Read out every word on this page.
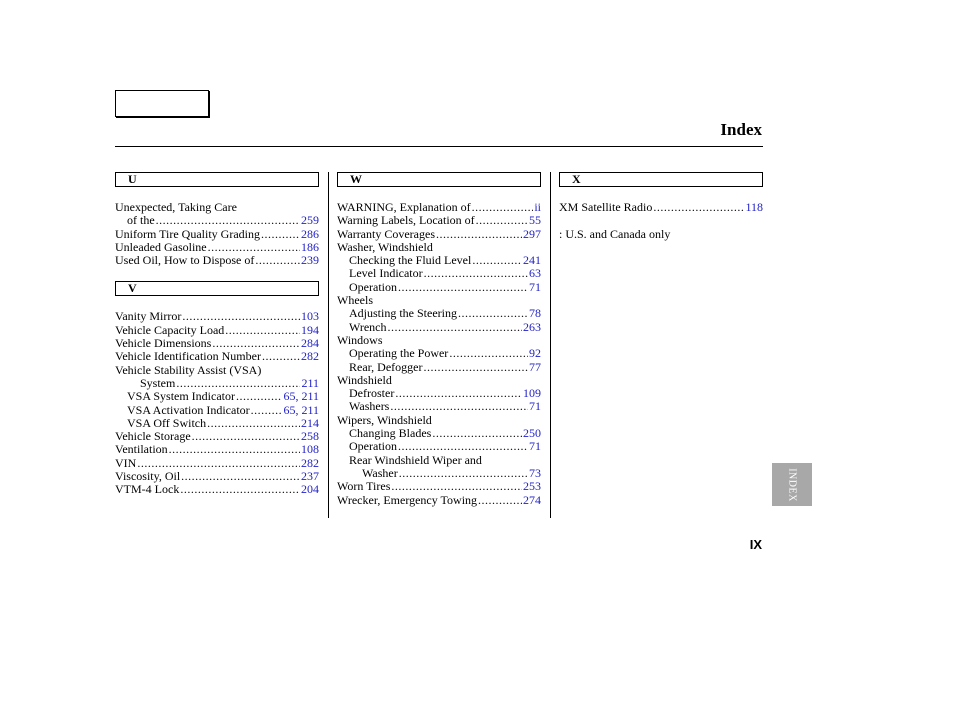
Index
U
Unexpected, Taking Care
of the .....	259
Uniform Tire Quality Grading .....	286
Unleaded Gasoline .....	186
Used Oil, How to Dispose of .....	239
V
Vanity Mirror .....	103
Vehicle Capacity Load .....	194
Vehicle Dimensions .....	284
Vehicle Identification Number .....	282
Vehicle Stability Assist (VSA)
System .....	211
VSA System Indicator .....	65, 211
VSA Activation Indicator .....	65, 211
VSA Off Switch .....	214
Vehicle Storage .....	258
Ventilation .....	108
VIN .....	282
Viscosity, Oil .....	237
VTM-4 Lock .....	204
W
WARNING, Explanation of .....	ii
Warning Labels, Location of .....	55
Warranty Coverages .....	297
Washer, Windshield
Checking the Fluid Level .....	241
Level Indicator .....	63
Operation .....	71
Wheels
Adjusting the Steering .....	78
Wrench .....	263
Windows
Operating the Power .....	92
Rear, Defogger .....	77
Windshield
Defroster .....	109
Washers .....	71
Wipers, Windshield
Changing Blades .....	250
Operation .....	71
Rear Windshield Wiper and
Washer .....	73
Worn Tires .....	253
Wrecker, Emergency Towing .....	274
X
XM Satellite Radio .....	118
: U.S. and Canada only
INDEX
IX
